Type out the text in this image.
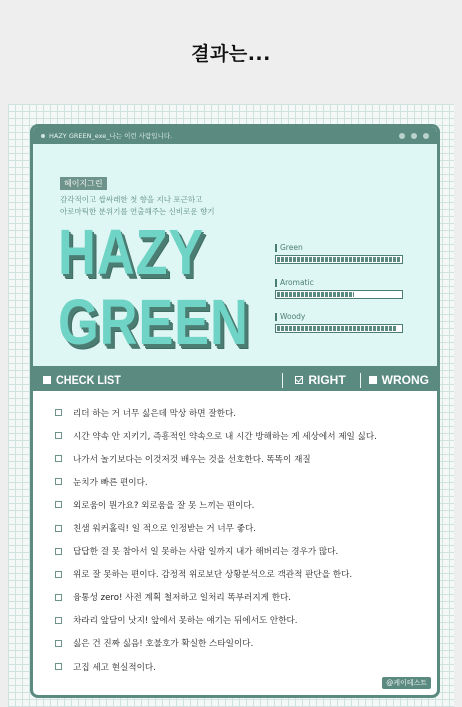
결과는...
HAZY GREEN_exe_나는 이런 사람입니다.
헤이지그린
감각적이고 쌉싸래한 첫 향을 지나 포근하고
아로마틱한 분위기를 연출해주는 신비로운 향기
HAZY
GREEN
Green
Aromatic
Woody
CHECK LIST	RIGHT	WRONG
리더 하는 거 너무 싫은데 막상 하면 잘한다.
시간 약속 안 지키기, 즉흥적인 약속으로 내 시간 방해하는 게 세상에서 제일 싫다.
나가서 놀기보다는 이것저것 배우는 것을 선호한다. 똑똑이 재질
눈치가 빠른 편이다.
외로움이 뭔가요? 외로움을 잘 못 느끼는 편이다.
친샘 워커홀릭! 일 적으로 인정받는 거 너무 좋다.
답답한 걸 못 참아서 일 못하는 사람 일까지 내가 해버리는 경우가 많다.
위로 잘 못하는 편이다. 감정적 위로보단 상황분석으로 객관적 판단을 한다.
융통성 zero! 사전 계획 철저하고 일처리 똑부러지게 한다.
차라리 앞담이 낫지! 앞에서 못하는 얘기는 뒤에서도 안한다.
싫은 건 진짜 싫음! 호불호가 확실한 스타일이다.
고집 세고 현실적이다.
@케이테스트
